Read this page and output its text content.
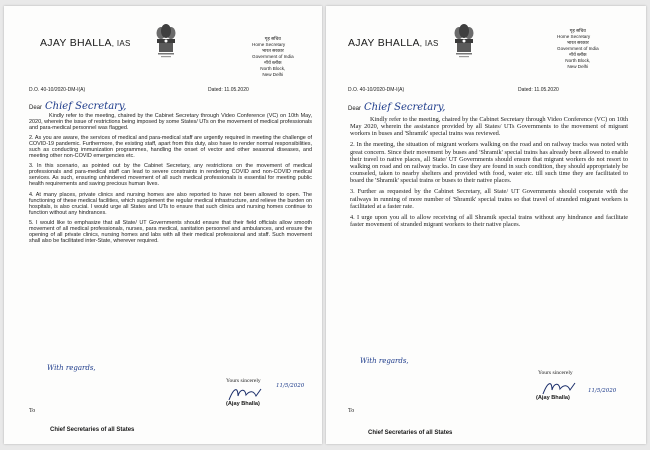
AJAY BHALLA, IAS
गृह सचिव
Home Secretary
भारत सरकार
Government of India
नॉर्थ ब्लॉक
North Block,
New Delhi
D.O. 40-10/2020-DM-I(A)	Dated: 11.05.2020
Dear Chief Secretary,

Kindly refer to the meeting, chaired by the Cabinet Secretary through Video Conference (VC) on 10th May, 2020, wherein the issue of restrictions being imposed by some States/ UTs on the movement of medical professionals and para-medical personnel was flagged.

2. As you are aware, the services of medical and para-medical staff are urgently required in meeting the challenge of COVID-19 pandemic. Furthermore, the existing staff, apart from this duty, also have to render normal responsibilities, such as conducting immunization programmes, handling the onset of vector and other seasonal diseases, and meeting other non-COVID emergencies etc.

3. In this scenario, as pointed out by the Cabinet Secretary, any restrictions on the movement of medical professionals and para-medical staff can lead to severe constraints in rendering COVID and non-COVID medical services. As such, ensuring unhindered movement of all such medical professionals is essential for meeting public health requirements and saving precious human lives.

4. At many places, private clinics and nursing homes are also reported to have not been allowed to open. The functioning of these medical facilities, which supplement the regular medical infrastructure, and relieve the burden on hospitals, is also crucial. I would urge all States and UTs to ensure that such clinics and nursing homes continue to function without any hindrances.

5. I would like to emphasize that all State/ UT Governments should ensure that their field officials allow smooth movement of all medical professionals, nurses, para medical, sanitation personnel and ambulances, and ensure the opening of all private clinics, nursing homes and labs with all their medical professional and staff. Such movement shall also be facilitated inter-State, wherever required.

With regards,
Yours sincerely
11/5/2020
(Ajay Bhalla)
To
Chief Secretaries of all States
AJAY BHALLA, IAS
गृह सचिव
Home Secretary
भारत सरकार
Government of India
नॉर्थ ब्लॉक
North Block,
New Delhi
D.O. 40-10/2020-DM-I(A)	Dated: 11.05.2020
Dear Chief Secretary,

Kindly refer to the meeting, chaired by the Cabinet Secretary through Video Conference (VC) on 10th May 2020, wherein the assistance provided by all States/ UTs Governments to the movement of migrant workers in buses and 'Shramik' special trains was reviewed.

2. In the meeting, the situation of migrant workers walking on the road and on railway tracks was noted with great concern. Since their movement by buses and 'Shramik' special trains has already been allowed to enable their travel to native places, all State/ UT Governments should ensure that migrant workers do not resort to walking on road and on railway tracks. In case they are found in such condition, they should appropriately be counseled, taken to nearby shelters and provided with food, water etc. till such time they are facilitated to board the 'Shramik' special trains or buses to their native places.

3. Further as requested by the Cabinet Secretary, all State/ UT Governments should cooperate with the railways in running of more number of 'Shramik' special trains so that travel of stranded migrant workers is facilitated at a faster rate.

4. I urge upon you all to allow receiving of all Shramik special trains without any hindrance and facilitate faster movement of stranded migrant workers to their native places.

With regards,
Yours sincerely
11/5/2020
(Ajay Bhalla)
To
Chief Secretaries of all States
